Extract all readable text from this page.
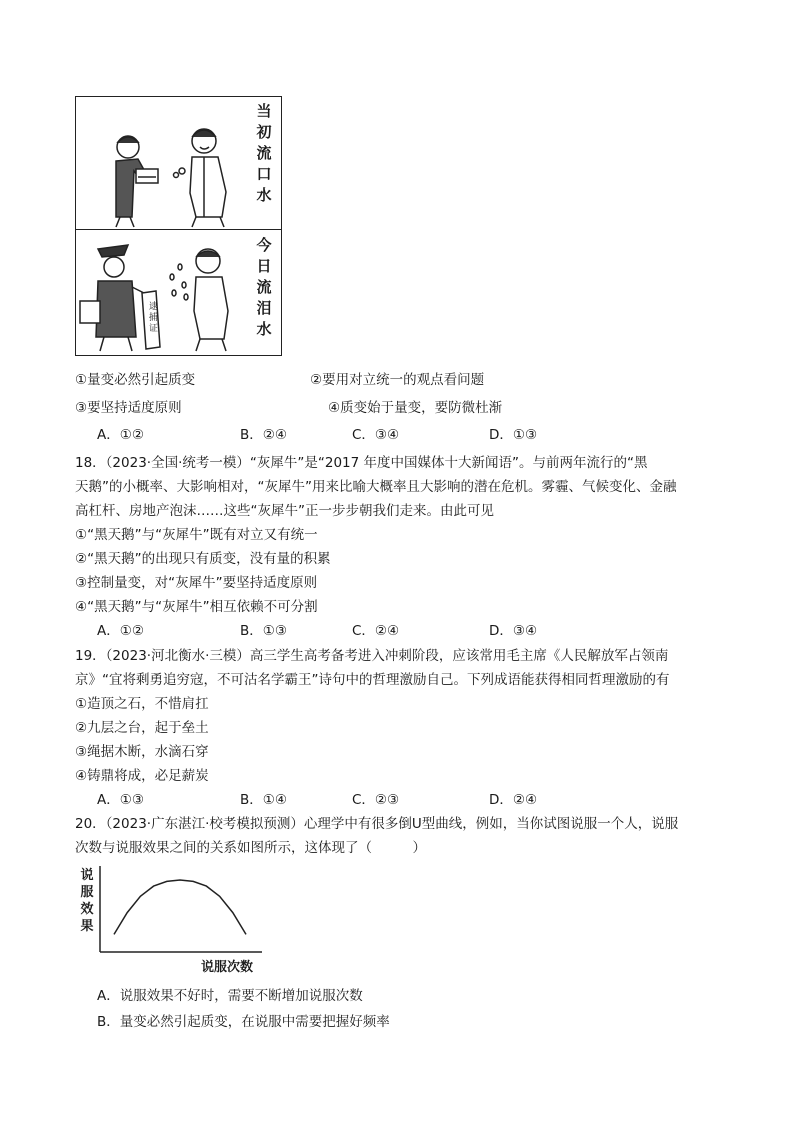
逮捕证
当初流口水
今日流泪水
①量变必然引起质变	②要用对立统一的观点看问题
③要坚持适度原则	④质变始于量变，要防微杜渐
A．①②	B．②④	C．③④	D．①③
18．（2023·全国·统考一模）“灰犀牛”是“2017 年度中国媒体十大新闻语”。与前两年流行的“黑
天鹅”的小概率、大影响相对，“灰犀牛”用来比喻大概率且大影响的潜在危机。雾霾、气候变化、金融
高杠杆、房地产泡沫……这些“灰犀牛”正一步步朝我们走来。由此可见
①“黑天鹅”与“灰犀牛”既有对立又有统一
②“黑天鹅”的出现只有质变，没有量的积累
③控制量变，对“灰犀牛”要坚持适度原则
④“黑天鹅”与“灰犀牛”相互依赖不可分割
A．①②	B．①③	C．②④	D．③④
19．（2023·河北衡水·三模）高三学生高考备考进入冲刺阶段，应该常用毛主席《人民解放军占领南
京》“宜将剩勇追穷寇，不可沽名学霸王”诗句中的哲理激励自己。下列成语能获得相同哲理激励的有
①造顶之石，不惜肩扛
②九层之台，起于垒土
③绳据木断，水滴石穿
④铸鼎将成，必足薪炭
A．①③	B．①④	C．②③	D．②④
20．（2023·广东湛江·校考模拟预测）心理学中有很多倒U型曲线，例如，当你试图说服一个人，说服
次数与说服效果之间的关系如图所示，这体现了（　　　）
说服效果
说服次数
A．说服效果不好时，需要不断增加说服次数
B．量变必然引起质变，在说服中需要把握好频率
